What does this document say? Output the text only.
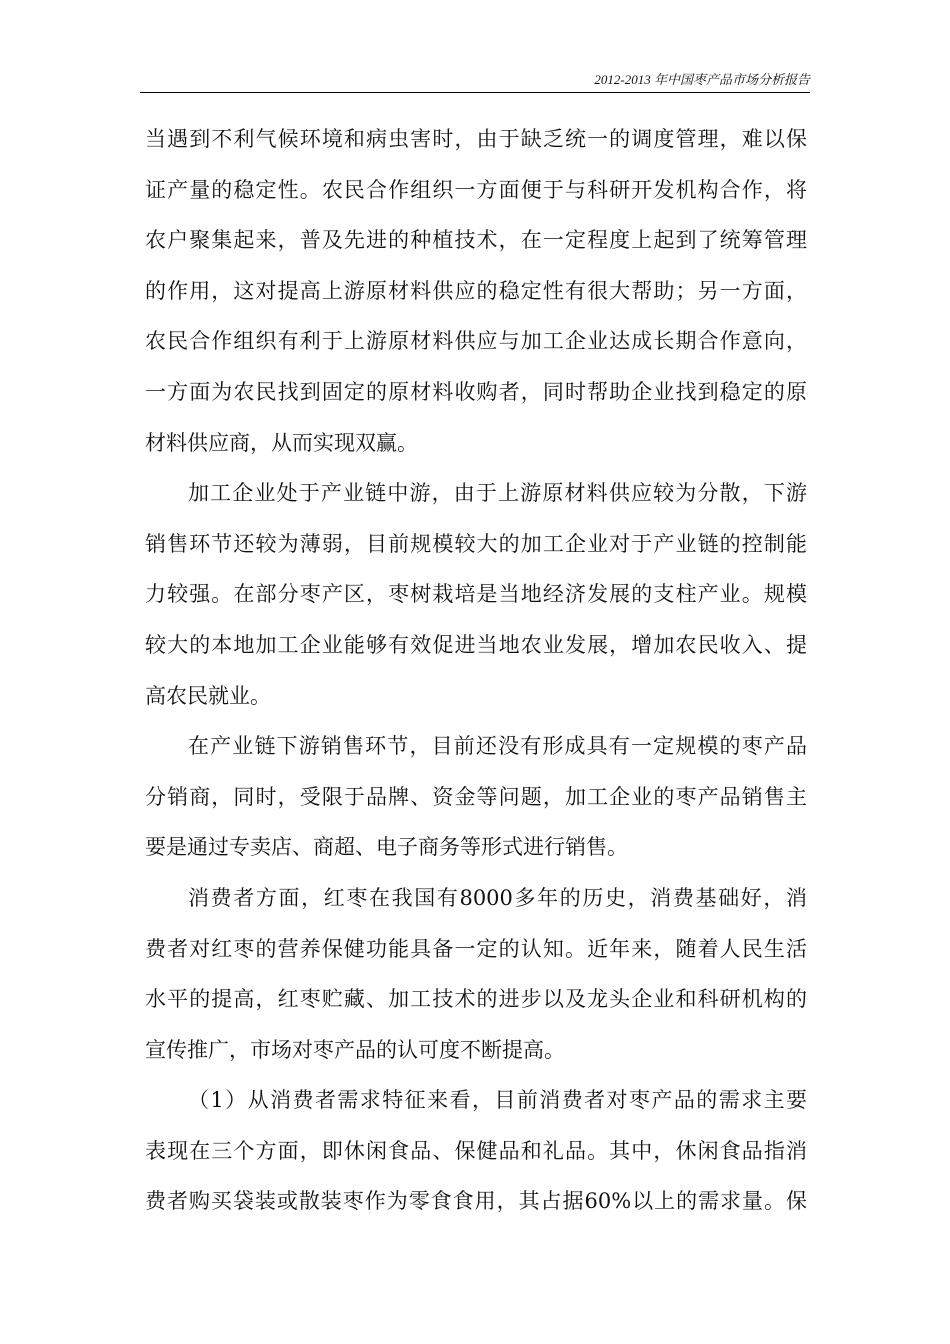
2012-2013 年中国枣产品市场分析报告
当遇到不利气候环境和病虫害时，由于缺乏统一的调度管理，难以保
证产量的稳定性。农民合作组织一方面便于与科研开发机构合作，将
农户聚集起来，普及先进的种植技术，在一定程度上起到了统筹管理
的作用，这对提高上游原材料供应的稳定性有很大帮助；另一方面，
农民合作组织有利于上游原材料供应与加工企业达成长期合作意向，
一方面为农民找到固定的原材料收购者，同时帮助企业找到稳定的原
材料供应商，从而实现双赢。
加工企业处于产业链中游，由于上游原材料供应较为分散，下游
销售环节还较为薄弱，目前规模较大的加工企业对于产业链的控制能
力较强。在部分枣产区，枣树栽培是当地经济发展的支柱产业。规模
较大的本地加工企业能够有效促进当地农业发展，增加农民收入、提
高农民就业。
在产业链下游销售环节，目前还没有形成具有一定规模的枣产品
分销商，同时，受限于品牌、资金等问题，加工企业的枣产品销售主
要是通过专卖店、商超、电子商务等形式进行销售。
消费者方面，红枣在我国有8000多年的历史，消费基础好，消
费者对红枣的营养保健功能具备一定的认知。近年来，随着人民生活
水平的提高，红枣贮藏、加工技术的进步以及龙头企业和科研机构的
宣传推广，市场对枣产品的认可度不断提高。
（1）从消费者需求特征来看，目前消费者对枣产品的需求主要
表现在三个方面，即休闲食品、保健品和礼品。其中，休闲食品指消
费者购买袋装或散装枣作为零食食用，其占据60%以上的需求量。保
